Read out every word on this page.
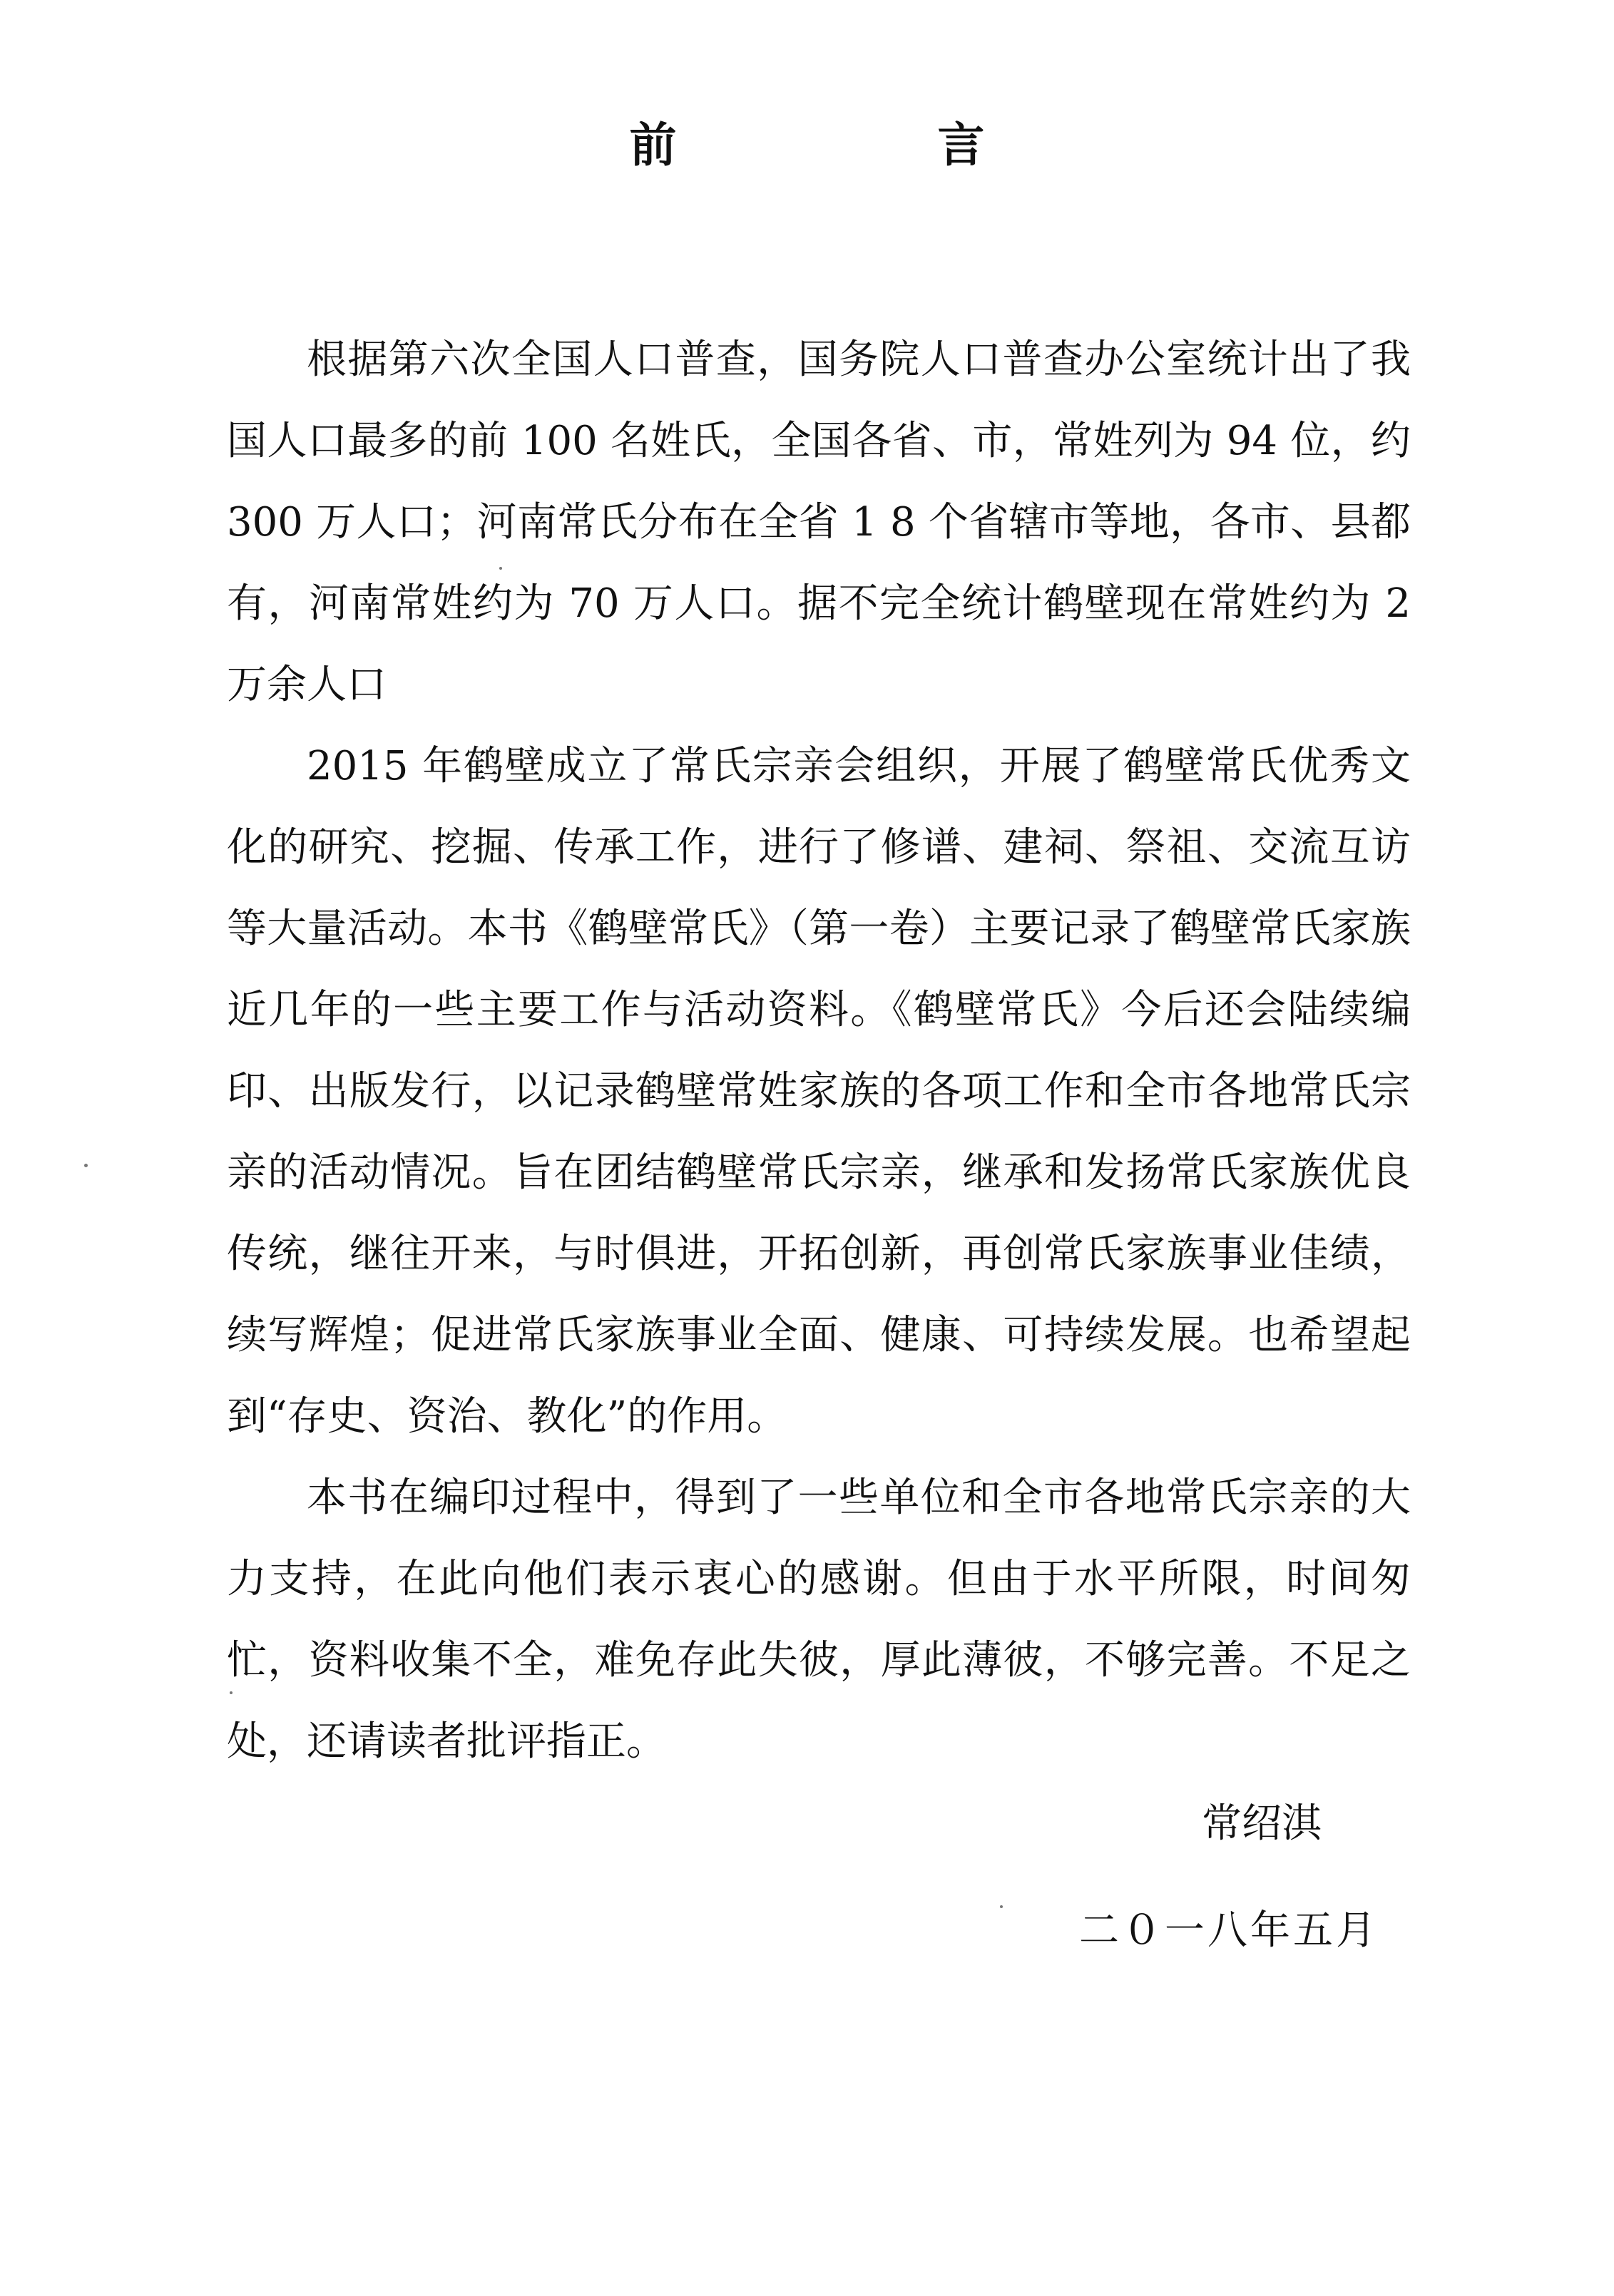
前　言

根据第六次全国人口普查，国务院人口普查办公室统计出了我国人口最多的前 100 名姓氏，全国各省、市，常姓列为 94 位，约 300 万人口；河南常氏分布在全省 1 8 个省辖市等地，各市、县都有，河南常姓约为 70 万人口。据不完全统计鹤壁现在常姓约为 2 万余人口

2015 年鹤壁成立了常氏宗亲会组织，开展了鹤壁常氏优秀文化的研究、挖掘、传承工作，进行了修谱、建祠、祭祖、交流互访等大量活动。本书《鹤壁常氏》（第一卷）主要记录了鹤壁常氏家族近几年的一些主要工作与活动资料。《鹤壁常氏》今后还会陆续编印、出版发行，以记录鹤壁常姓家族的各项工作和全市各地常氏宗亲的活动情况。旨在团结鹤壁常氏宗亲，继承和发扬常氏家族优良传统，继往开来，与时俱进，开拓创新，再创常氏家族事业佳绩，续写辉煌；促进常氏家族事业全面、健康、可持续发展。也希望起到“存史、资治、教化”的作用。

本书在编印过程中，得到了一些单位和全市各地常氏宗亲的大力支持，在此向他们表示衷心的感谢。但由于水平所限，时间匆忙，资料收集不全，难免存此失彼，厚此薄彼，不够完善。不足之处，还请读者批评指正。

常绍淇
二０一八年五月
